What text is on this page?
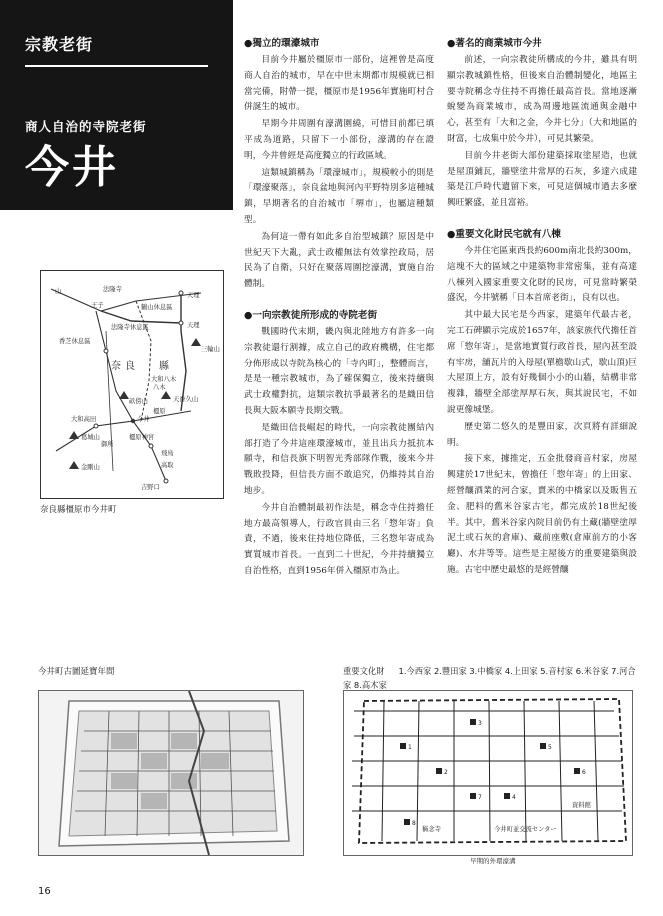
宗教老街
商人自治的寺院老街
今井
●獨立的環濠城市

目前今井屬於橿原市一部份，這裡曾是高度商人自治的城市，早在中世末期都市規模就已相當完備，附帶一提，橿原市是1956年實施町村合併誕生的城市。

早期今井周圍有濠溝圍繞，可惜目前都已填平成為道路，只留下一小部份，濠溝的存在證明，今井曾經是高度獨立的行政區域。

這類城鎮稱為「環濠城市」，規模較小的則是「環濠聚落」，奈良盆地與河內平野特別多這種城鎮，早期著名的自治城市「堺市」，也屬這種類型。

為何這一帶有如此多自治型城鎮？原因是中世紀天下大亂，武士政權無法有效掌控政局，居民為了自衛，只好在聚落周圍挖濠溝，實施自治體制。

●一向宗教徒所形成的寺院老街

戰國時代末期，畿內與北陸地方有許多一向宗教徒還行割據，成立自己的政府機構，住宅都分佈形成以寺院為核心的「寺內町」，整體而言，是是一種宗教城市，為了確保獨立，後來持續與武士政權對抗，這類宗教抗爭最著名的是織田信長與大阪本願寺長期交戰。

是織田信長崛起的時代，一向宗教徒團結內部打造了今井這座環濠城市，並且出兵力抵抗本願寺，和信長旗下明智光秀部隊作戰，後來今井戰敗投降，但信長方面不敢追究，仍維持其自治地步。

今井自治體制最初作法是，稱念寺住持擔任地方最高領導人，行政官員由三名「惣年寄」負責，不過，後來住持地位降低，三名惣年寄成為實質城市首長。一直到二十世紀，今井持續獨立自治性格，直到1956年併入橿原市為止。

●著名的商業城市今井

前述，一向宗教徒所構成的今井，雖具有明顯宗教城鎮性格，但後來自治體制變化，地區主要寺院稱念寺住持不再擔任最高首長。當地逐漸蛻變為商業城市，成為周邊地區流通與金融中心，甚至有「大和之金，今井七分」（大和地區的財富，七成集中於今井），可見其繁榮。

目前今井老街大部份建築採取塗屋造，也就是屋頂鋪瓦，牆壁塗井常厚的石灰，多達六成建築是江戶時代遺留下來，可見這個城市過去多麼興旺繁盛，並且富裕。

●重要文化財民宅就有八棟

今井住宅區東西長約600m南北長約300m，這塊不大的區域之中建築物非常密集，並有高達八棟列入國家重要文化財的民房，可見當時繁榮盛況，今井號稱「日本首席老街」，良有以也。

其中最大民宅是今西家，建築年代最古老，完工石碑顯示完成於1657年，該家族代代擔任首席「惣年寄」，是當地實質行政首長，屋內甚至設有牢房，舖瓦片的入母屋(單檐歇山式，歇山頂)巨大屋頂上方，設有好幾個小小的山牆，結構非常複雜，牆壁全部塗厚厚石灰，與其說民宅，不如說更像城堡。

歷史第二悠久的是豐田家，次頁將有詳細說明。

接下來，據推定，五金批發商音村家，房屋興建於17世紀末，曾擔任「惣年寄」的上田家、經營釀酒業的河合家，賣米的中橋家以及販售五金、肥料的舊米谷家古宅，都完成於18世紀後半。其中，舊米谷家內院目前仍有土藏(牆壁塗厚泥土或石灰的倉庫)、藏前座敷(倉庫前方的小客廳)、水井等等。這些是主屋後方的重要建築與設施。古宅中歷史最悠的是經營釀

山	法隆寺
天理
天理
鶴山休息區
王子
法隆寺休息區
香芝休息區
奈良 縣
大和高田	今井
橿原神宮
飛鳥
高取
吉野口
葛城山
金剛山
天香久山
畝傍山
八木
三輪山
橿原
御所
大和八木
奈良縣橿原市今井町
今井町古圖延寶年間	重要文化財 1.今西家 2.豐田家 3.中橋家 4.上田家 5.音村家 6.米谷家 7.河合家 8.高木家
1
2
3
4
5
6
7
8
稱念寺	今井町並交流センター
資料館
早期的外環濠溝
16
